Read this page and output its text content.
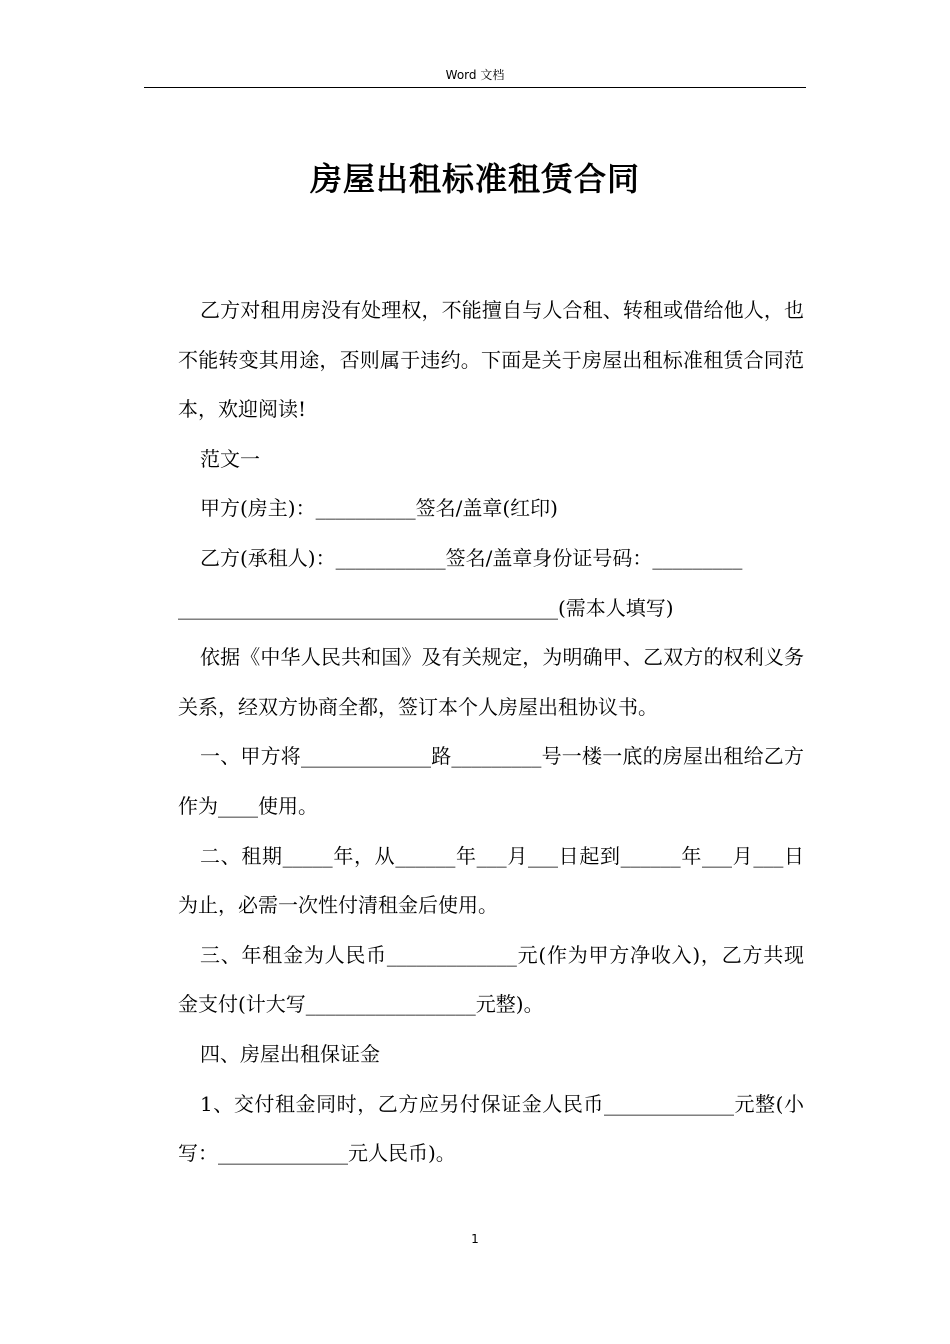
Word 文档
房屋出租标准租赁合同

乙方对租用房没有处理权，不能擅自与人合租、转租或借给他人，也不能转变其用途，否则属于违约。下面是关于房屋出租标准租赁合同范本，欢迎阅读!

范文一

甲方(房主)：__________签名/盖章(红印)

乙方(承租人)：___________签名/盖章身份证号码：_________

______________________________________(需本人填写)

依据《中华人民共和国》及有关规定，为明确甲、乙双方的权利义务关系，经双方协商全都，签订本个人房屋出租协议书。

一、甲方将_____________路_________号一楼一底的房屋出租给乙方作为____使用。

二、租期_____年，从______年___月___日起到______年___月___日为止，必需一次性付清租金后使用。

三、年租金为人民币_____________元(作为甲方净收入)，乙方共现金支付(计大写_________________元整)。

四、房屋出租保证金

1、交付租金同时，乙方应另付保证金人民币_____________元整(小写：_____________元人民币)。

1
